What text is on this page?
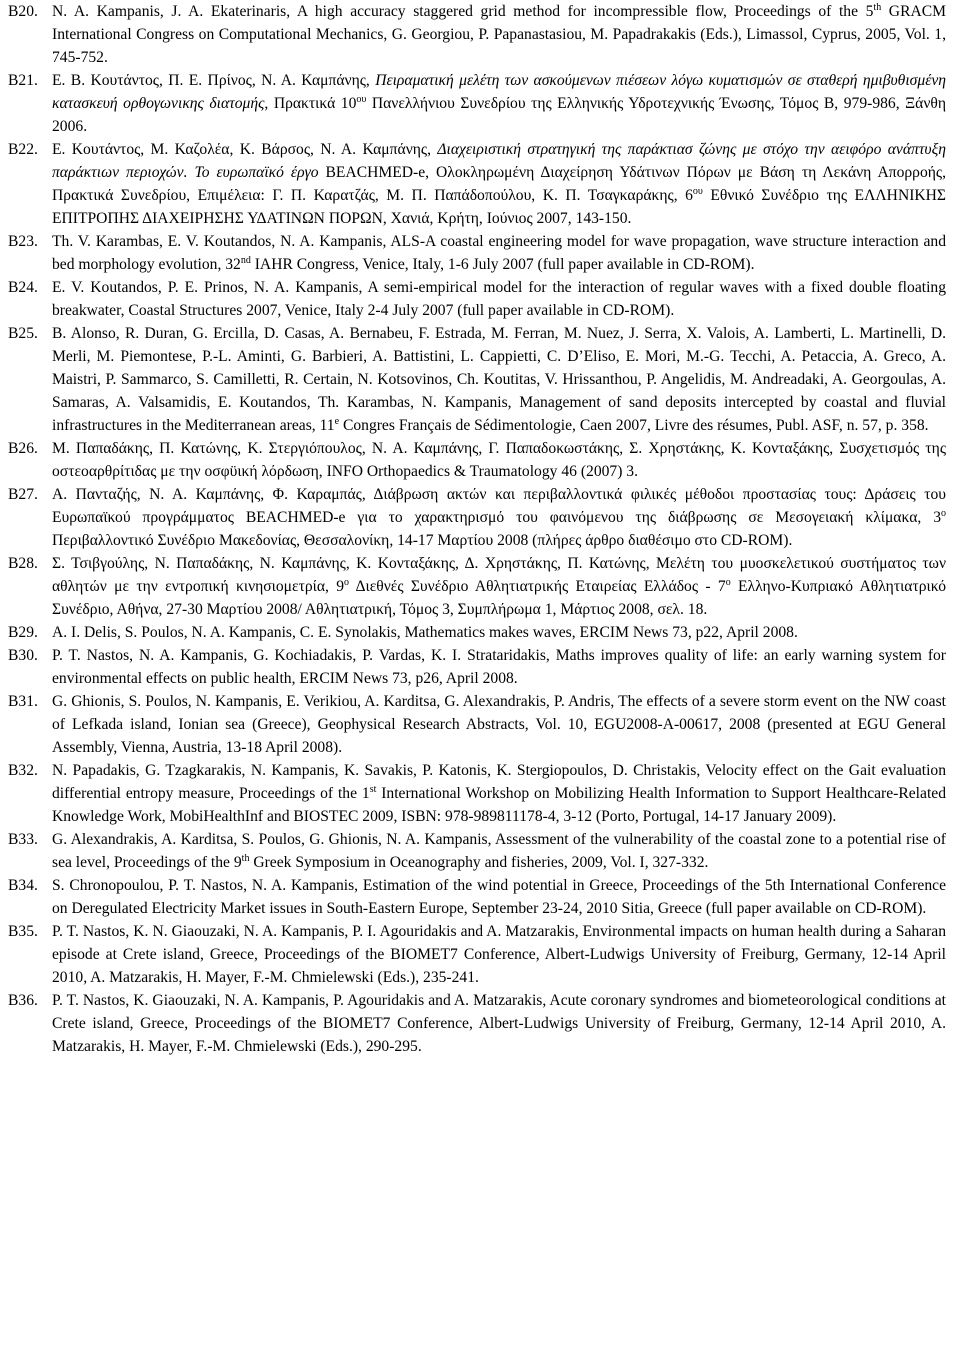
B20. N. A. Kampanis, J. A. Ekaterinaris, A high accuracy staggered grid method for incompressible flow, Proceedings of the 5th GRACM International Congress on Computational Mechanics, G. Georgiou, P. Papanastasiou, M. Papadrakakis (Eds.), Limassol, Cyprus, 2005, Vol. 1, 745-752.

B21. E. B. Κουτάντος, Π. Ε. Πρίνος, Ν. Α. Καμπάνης, Πειραματική μελέτη των ασκούμενων πιέσεων λόγω κυματισμών σε σταθερή ημιβυθισμένη κατασκευή ορθογωνικης διατομής, Πρακτικά $10^{o\upsilon}$ Πανελλήνιου Συνεδρίου της Ελληνικής Υδροτεχνικής Ένωσης, Τόμος Β, 979-986, Ξάνθη 2006.

B22. Ε. Κουτάντος, Μ. Καζολέα, Κ. Βάρσος, Ν. Α. Καμπάνης, Διαχειριστική στρατηγική της παράκτιασ ζώνης με στόχο την αειφόρο ανάπτυξη παράκτιων περιοχών. Το ευρωπαϊκό έργο BEACHMED-e, Ολοκληρωμένη Διαχείρηση Υδάτινων Πόρων με Βάση τη Λεκάνη Απορροής, Πρακτικά Συνεδρίου, Επιμέλεια: Γ. Π. Καρατζάς, Μ. Π. Παπάδοπούλου, Κ. Π. Τσαγκαράκης, $6^{o\upsilon}$ Εθνικό Συνέδριο της ΕΛΛΗΝΙΚΗΣ ΕΠΙΤΡΟΠΗΣ ΔΙΑΧΕΙΡΗΣΗΣ ΥΔΑΤΙΝΩΝ ΠΟΡΩΝ, Χανιά, Κρήτη, Ιούνιος 2007, 143-150.

B23. Th. V. Karambas, E. V. Koutandos, N. A. Kampanis, ALS-A coastal engineering model for wave propagation, wave structure interaction and bed morphology evolution, 32nd IAHR Congress, Venice, Italy, 1-6 July 2007 (full paper available in CD-ROM).

B24. E. V. Koutandos, P. E. Prinos, N. A. Kampanis, A semi-empirical model for the interaction of regular waves with a fixed double floating breakwater, Coastal Structures 2007, Venice, Italy 2-4 July 2007 (full paper available in CD-ROM).

B25. B. Alonso, R. Duran, G. Ercilla, D. Casas, A. Bernabeu, F. Estrada, M. Ferran, M. Nuez, J. Serra, X. Valois, A. Lamberti, L. Martinelli, D. Merli, M. Piemontese, P.-L. Aminti, G. Barbieri, A. Battistini, L. Cappietti, C. D’Eliso, E. Mori, M.-G. Tecchi, A. Petaccia, A. Greco, A. Maistri, P. Sammarco, S. Camilletti, R. Certain, N. Kotsovinos, Ch. Koutitas, V. Hrissanthou, P. Angelidis, M. Andreadaki, A. Georgoulas, A. Samaras, A. Valsamidis, E. Koutandos, Th. Karambas, N. Kampanis, Management of sand deposits intercepted by coastal and fluvial infrastructures in the Mediterranean areas, 11e Congres Français de Sédimentologie, Caen 2007, Livre des résumes, Publ. ASF, n. 57, p. 358.

B26. Μ. Παπαδάκης, Π. Κατώνης, Κ. Στεργιόπουλος, Ν. Α. Καμπάνης, Γ. Παπαδοκωστάκης, Σ. Χρηστάκης, Κ. Κονταξάκης, Συσχετισμός της οστεοαρθρίτιδας με την οσφϋική λόρδωση, INFO Orthopaedics & Traumatology 46 (2007) 3.

B27. Α. Πανταζής, Ν. Α. Καμπάνης, Φ. Καραμπάς, Διάβρωση ακτών και περιβαλλοντικά φιλικές μέθοδοι προστασίας τους: Δράσεις του Ευρωπαϊκού προγράμματος BEACHMED-e για το χαρακτηρισμό του φαινόμενου της διάβρωσης σε Μεσογειακή κλίμακα, $3^o$ Περιβαλλοντικό Συνέδριο Μακεδονίας, Θεσσαλονίκη, 14-17 Μαρτίου 2008 (πλήρες άρθρο διαθέσιμο στο CD-ROM).

B28. Σ. Τσιβγούλης, Ν. Παπαδάκης, Ν. Καμπάνης, Κ. Κονταξάκης, Δ. Χρηστάκης, Π. Κατώνης, Μελέτη του μυοσκελετικού συστήματος των αθλητών με την εντροπική κινησιομετρία, $9^o$ Διεθνές Συνέδριο Αθλητιατρικής Εταιρείας Ελλάδος - $7^o$ Ελληνο-Κυπριακό Αθλητιατρικό Συνέδριο, Αθήνα, 27-30 Μαρτίου 2008/ Αθλητιατρική, Τόμος 3, Συμπλήρωμα 1, Μάρτιος 2008, σελ. 18.

B29. A. I. Delis, S. Poulos, N. A. Kampanis, C. E. Synolakis, Mathematics makes waves, ERCIM News 73, p22, April 2008.

B30. P. T. Nastos, N. A. Kampanis, G. Kochiadakis, P. Vardas, K. I. Strataridakis, Maths improves quality of life: an early warning system for environmental effects on public health, ERCIM News 73, p26, April 2008.

B31. G. Ghionis, S. Poulos, N. Kampanis, E. Verikiou, A. Karditsa, G. Alexandrakis, P. Andris, The effects of a severe storm event on the NW coast of Lefkada island, Ionian sea (Greece), Geophysical Research Abstracts, Vol. 10, EGU2008-A-00617, 2008 (presented at EGU General Assembly, Vienna, Austria, 13-18 April 2008).

B32. N. Papadakis, G. Tzagkarakis, N. Kampanis, K. Savakis, P. Katonis, K. Stergiopoulos, D. Christakis, Velocity effect on the Gait evaluation differential entropy measure, Proceedings of the 1st International Workshop on Mobilizing Health Information to Support Healthcare-Related Knowledge Work, MobiHealthInf and BIOSTEC 2009, ISBN: 978-989811178-4, 3-12 (Porto, Portugal, 14-17 January 2009).

B33. G. Alexandrakis, A. Karditsa, S. Poulos, G. Ghionis, N. A. Kampanis, Assessment of the vulnerability of the coastal zone to a potential rise of sea level, Proceedings of the 9th Greek Symposium in Oceanography and fisheries, 2009, Vol. I, 327-332.

B34. S. Chronopoulou, P. T. Nastos, N. A. Kampanis, Estimation of the wind potential in Greece, Proceedings of the 5th International Conference on Deregulated Electricity Market issues in South-Eastern Europe, September 23-24, 2010 Sitia, Greece (full paper available on CD-ROM).

B35. P. T. Nastos, K. N. Giaouzaki, N. A. Kampanis, P. I. Agouridakis and A. Matzarakis, Environmental impacts on human health during a Saharan episode at Crete island, Greece, Proceedings of the BIOMET7 Conference, Albert-Ludwigs University of Freiburg, Germany, 12-14 April 2010, A. Matzarakis, H. Mayer, F.-M. Chmielewski (Eds.), 235-241.

B36. P. T. Nastos, K. Giaouzaki, N. A. Kampanis, P. Agouridakis and A. Matzarakis, Acute coronary syndromes and biometeorological conditions at Crete island, Greece, Proceedings of the BIOMET7 Conference, Albert-Ludwigs University of Freiburg, Germany, 12-14 April 2010, A. Matzarakis, H. Mayer, F.-M. Chmielewski (Eds.), 290-295.
